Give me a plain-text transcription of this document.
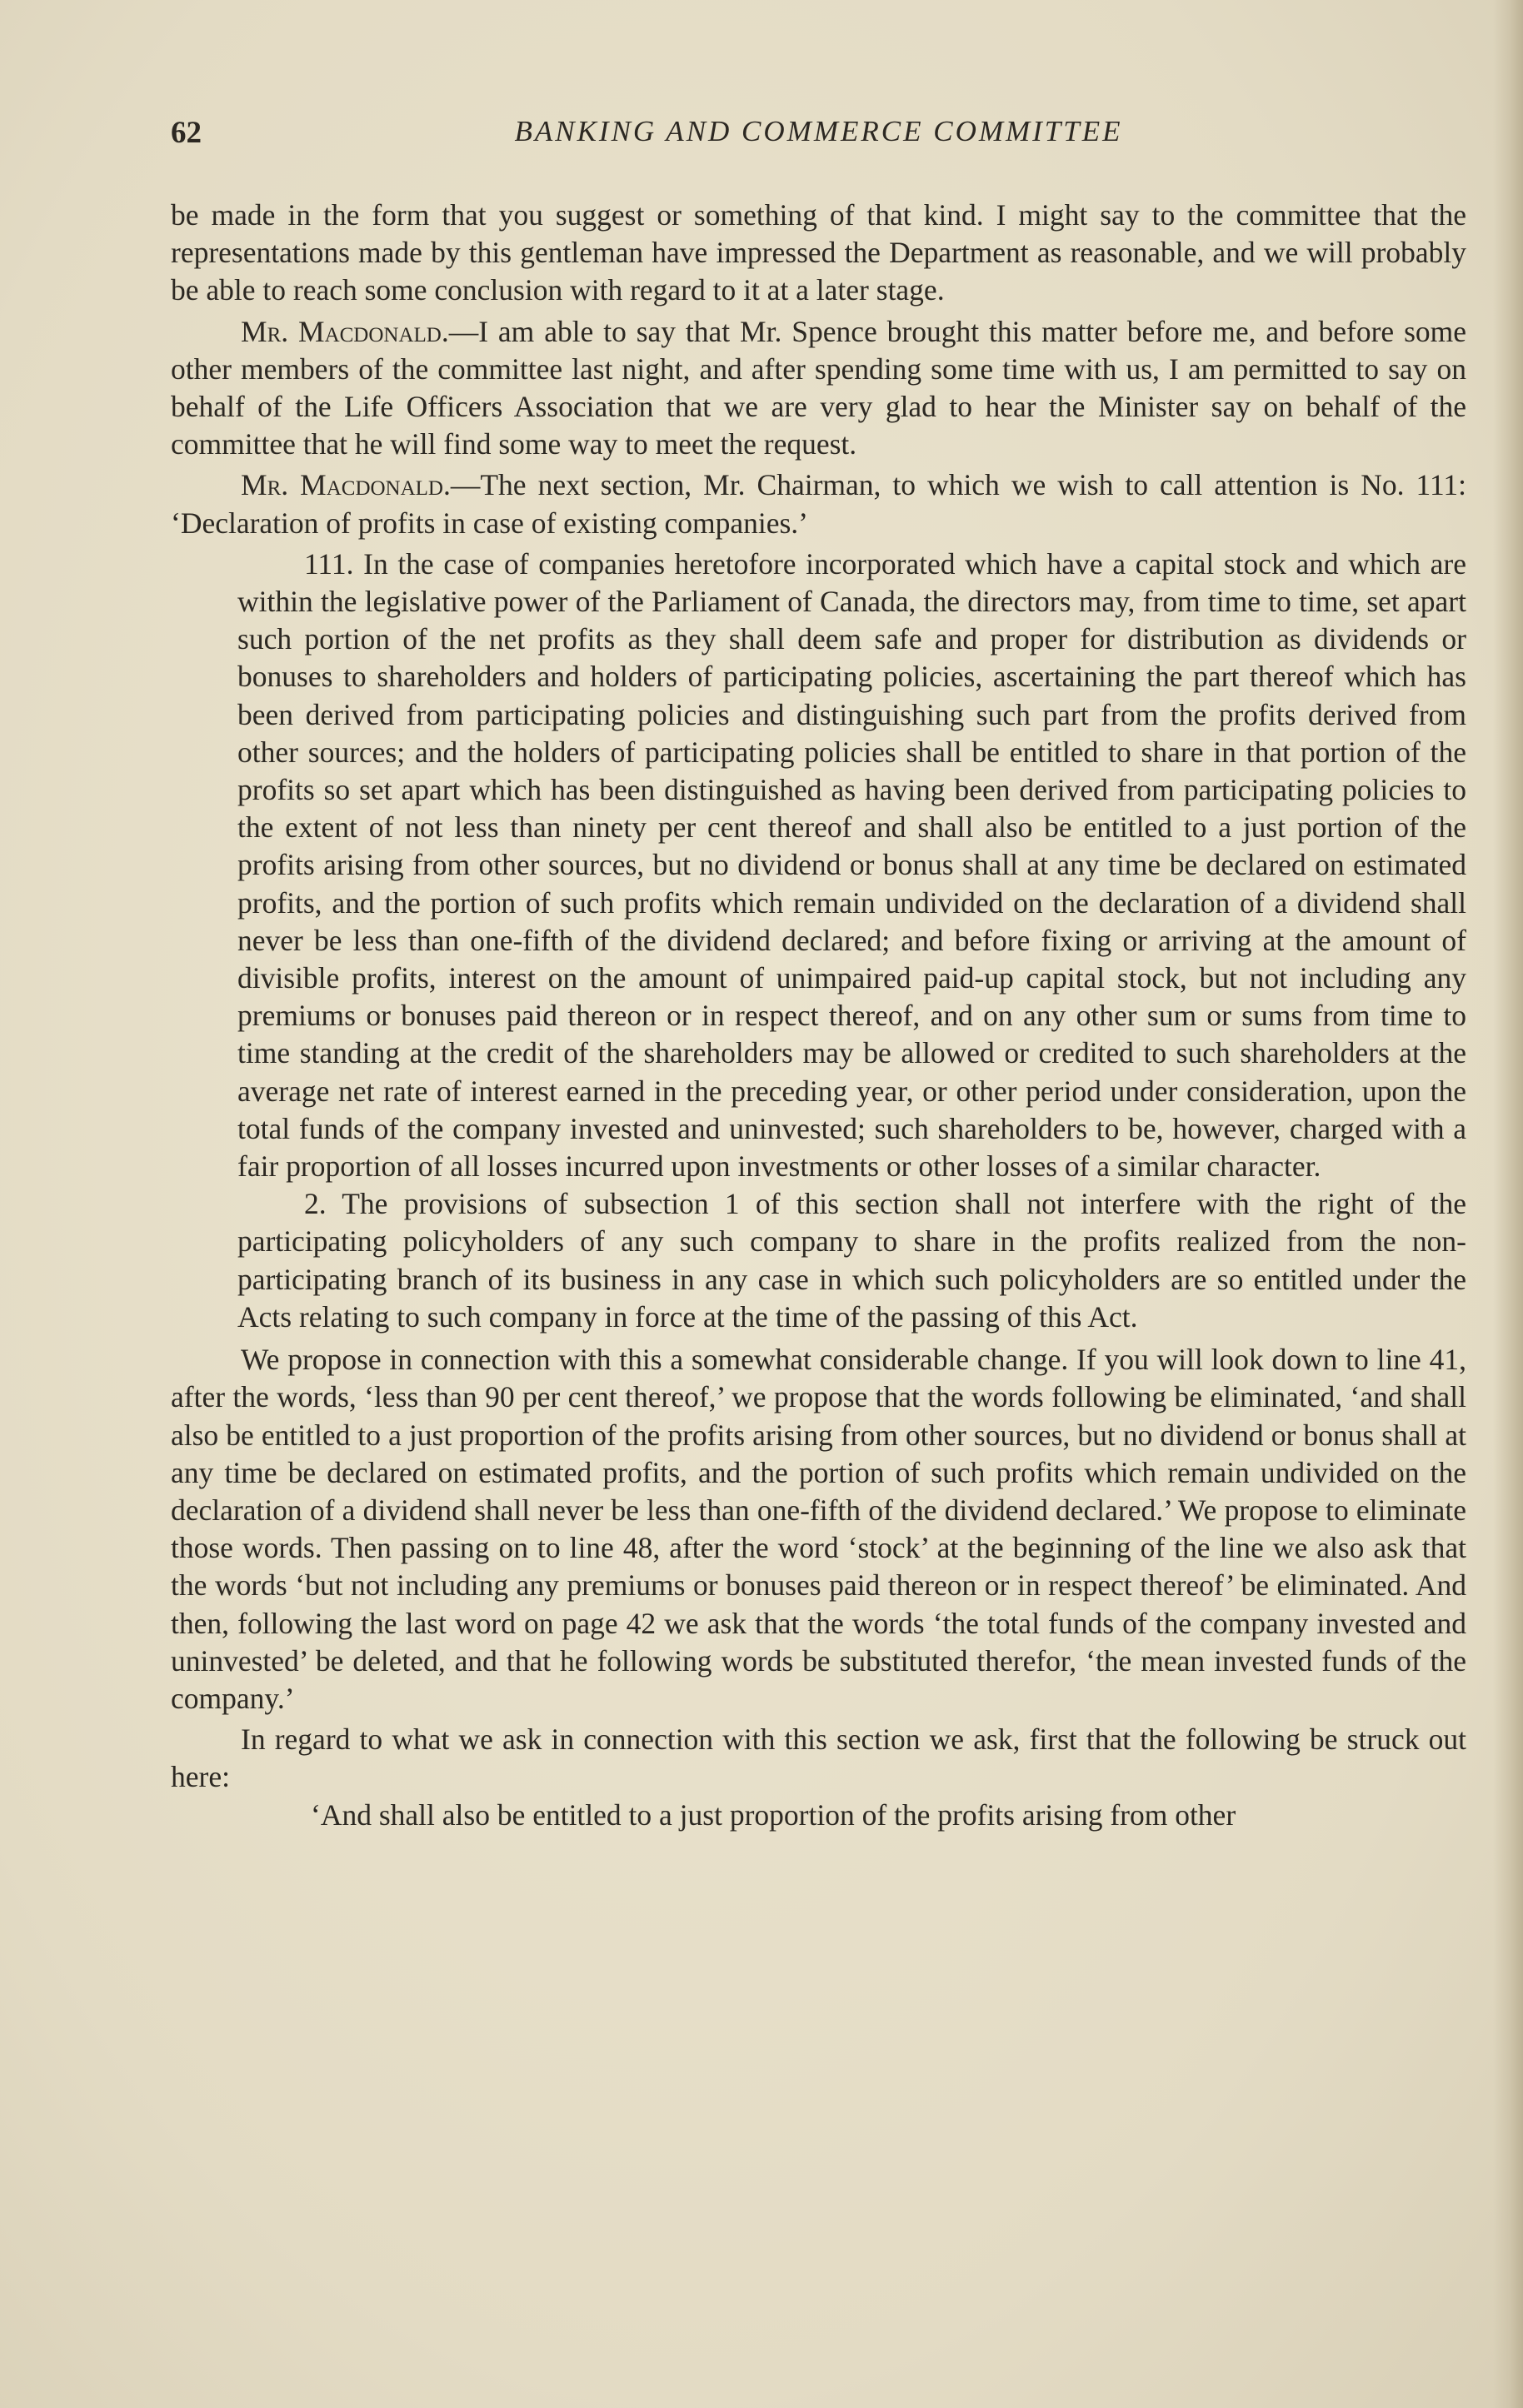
62	BANKING AND COMMERCE COMMITTEE

be made in the form that you suggest or something of that kind. I might say to the committee that the representations made by this gentleman have impressed the Department as reasonable, and we will probably be able to reach some conclusion with regard to it at a later stage.

Mr. Macdonald.—I am able to say that Mr. Spence brought this matter before me, and before some other members of the committee last night, and after spending some time with us, I am permitted to say on behalf of the Life Officers Association that we are very glad to hear the Minister say on behalf of the committee that he will find some way to meet the request.

Mr. Macdonald.—The next section, Mr. Chairman, to which we wish to call attention is No. 111: ‘Declaration of profits in case of existing companies.’

111. In the case of companies heretofore incorporated which have a capital stock and which are within the legislative power of the Parliament of Canada, the directors may, from time to time, set apart such portion of the net profits as they shall deem safe and proper for distribution as dividends or bonuses to shareholders and holders of participating policies, ascertaining the part thereof which has been derived from participating policies and distinguishing such part from the profits derived from other sources; and the holders of participating policies shall be entitled to share in that portion of the profits so set apart which has been distinguished as having been derived from participating policies to the extent of not less than ninety per cent thereof and shall also be entitled to a just portion of the profits arising from other sources, but no dividend or bonus shall at any time be declared on estimated profits, and the portion of such profits which remain undivided on the declaration of a dividend shall never be less than one-fifth of the dividend declared; and before fixing or arriving at the amount of divisible profits, interest on the amount of unimpaired paid-up capital stock, but not including any premiums or bonuses paid thereon or in respect thereof, and on any other sum or sums from time to time standing at the credit of the shareholders may be allowed or credited to such shareholders at the average net rate of interest earned in the preceding year, or other period under consideration, upon the total funds of the company invested and uninvested; such shareholders to be, however, charged with a fair proportion of all losses incurred upon investments or other losses of a similar character.

2. The provisions of subsection 1 of this section shall not interfere with the right of the participating policyholders of any such company to share in the profits realized from the non-participating branch of its business in any case in which such policyholders are so entitled under the Acts relating to such company in force at the time of the passing of this Act.

We propose in connection with this a somewhat considerable change. If you will look down to line 41, after the words, ‘less than 90 per cent thereof,’ we propose that the words following be eliminated, ‘and shall also be entitled to a just proportion of the profits arising from other sources, but no dividend or bonus shall at any time be declared on estimated profits, and the portion of such profits which remain undivided on the declaration of a dividend shall never be less than one-fifth of the dividend declared.’ We propose to eliminate those words. Then passing on to line 48, after the word ‘stock’ at the beginning of the line we also ask that the words ‘but not including any premiums or bonuses paid thereon or in respect thereof’ be eliminated. And then, following the last word on page 42 we ask that the words ‘the total funds of the company invested and uninvested’ be deleted, and that he following words be substituted therefor, ‘the mean invested funds of the company.’

In regard to what we ask in connection with this section we ask, first that the following be struck out here:

‘And shall also be entitled to a just proportion of the profits arising from other
